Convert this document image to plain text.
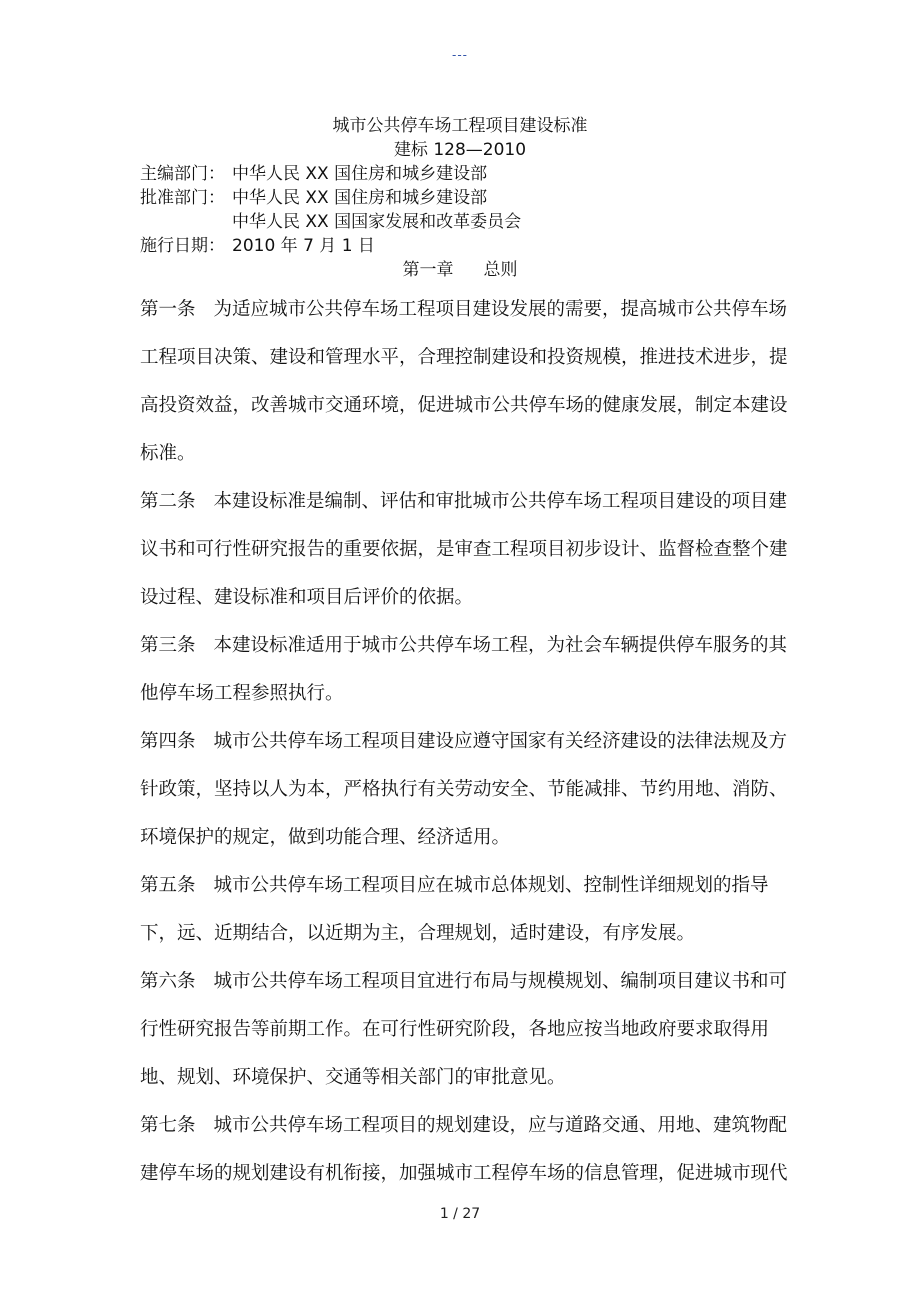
---
城市公共停车场工程项目建设标准
建标 128—2010
主编部门： 中华人民 XX 国住房和城乡建设部
批准部门： 中华人民 XX 国住房和城乡建设部
中华人民 XX 国国家发展和改革委员会
施行日期： 2010 年 7 月 1 日
第一章 总则

第一条 为适应城市公共停车场工程项目建设发展的需要，提高城市公共停车场工程项目决策、建设和管理水平，合理控制建设和投资规模，推进技术进步，提高投资效益，改善城市交通环境，促进城市公共停车场的健康发展，制定本建设标准。

第二条 本建设标准是编制、评估和审批城市公共停车场工程项目建设的项目建议书和可行性研究报告的重要依据，是审查工程项目初步设计、监督检查整个建设过程、建设标准和项目后评价的依据。

第三条 本建设标准适用于城市公共停车场工程，为社会车辆提供停车服务的其他停车场工程参照执行。

第四条 城市公共停车场工程项目建设应遵守国家有关经济建设的法律法规及方针政策，坚持以人为本，严格执行有关劳动安全、节能减排、节约用地、消防、环境保护的规定，做到功能合理、经济适用。

第五条 城市公共停车场工程项目应在城市总体规划、控制性详细规划的指导下，远、近期结合，以近期为主，合理规划，适时建设，有序发展。

第六条 城市公共停车场工程项目宜进行布局与规模规划、编制项目建议书和可行性研究报告等前期工作。在可行性研究阶段，各地应按当地政府要求取得用地、规划、环境保护、交通等相关部门的审批意见。

第七条 城市公共停车场工程项目的规划建设，应与道路交通、用地、建筑物配建停车场的规划建设有机衔接，加强城市工程停车场的信息管理，促进城市现代

1 / 27
